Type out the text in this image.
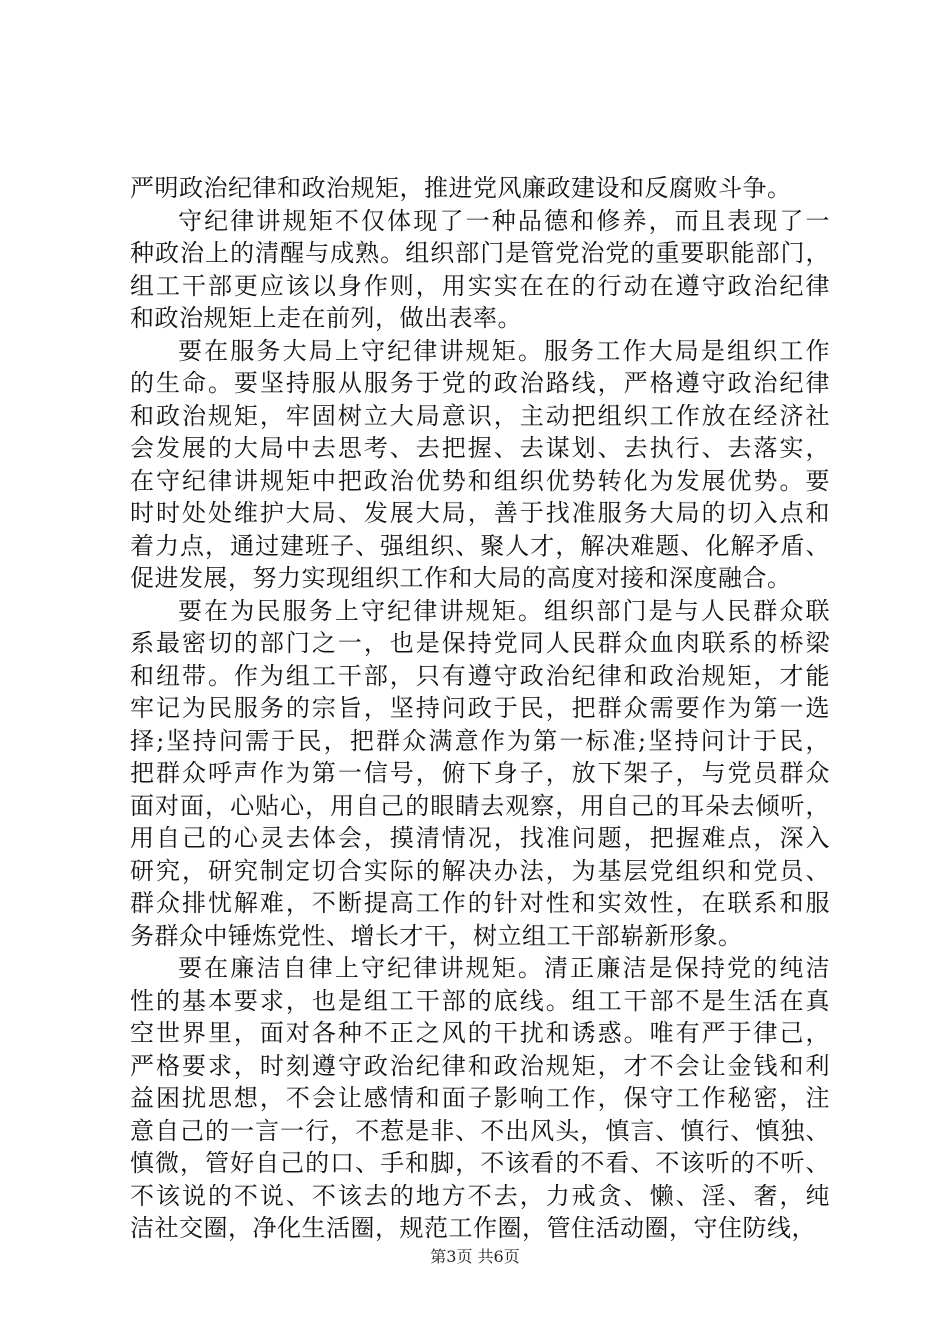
严明政治纪律和政治规矩，推进党风廉政建设和反腐败斗争。
守纪律讲规矩不仅体现了一种品德和修养，而且表现了一
种政治上的清醒与成熟。组织部门是管党治党的重要职能部门，
组工干部更应该以身作则，用实实在在的行动在遵守政治纪律
和政治规矩上走在前列，做出表率。
要在服务大局上守纪律讲规矩。服务工作大局是组织工作
的生命。要坚持服从服务于党的政治路线，严格遵守政治纪律
和政治规矩，牢固树立大局意识，主动把组织工作放在经济社
会发展的大局中去思考、去把握、去谋划、去执行、去落实，
在守纪律讲规矩中把政治优势和组织优势转化为发展优势。要
时时处处维护大局、发展大局，善于找准服务大局的切入点和
着力点，通过建班子、强组织、聚人才，解决难题、化解矛盾、
促进发展，努力实现组织工作和大局的高度对接和深度融合。
要在为民服务上守纪律讲规矩。组织部门是与人民群众联
系最密切的部门之一，也是保持党同人民群众血肉联系的桥梁
和纽带。作为组工干部，只有遵守政治纪律和政治规矩，才能
牢记为民服务的宗旨，坚持问政于民，把群众需要作为第一选
择;坚持问需于民，把群众满意作为第一标准;坚持问计于民，
把群众呼声作为第一信号，俯下身子，放下架子，与党员群众
面对面，心贴心，用自己的眼睛去观察，用自己的耳朵去倾听，
用自己的心灵去体会，摸清情况，找准问题，把握难点，深入
研究，研究制定切合实际的解决办法，为基层党组织和党员、
群众排忧解难，不断提高工作的针对性和实效性，在联系和服
务群众中锤炼党性、增长才干，树立组工干部崭新形象。
要在廉洁自律上守纪律讲规矩。清正廉洁是保持党的纯洁
性的基本要求，也是组工干部的底线。组工干部不是生活在真
空世界里，面对各种不正之风的干扰和诱惑。唯有严于律己，
严格要求，时刻遵守政治纪律和政治规矩，才不会让金钱和利
益困扰思想，不会让感情和面子影响工作，保守工作秘密，注
意自己的一言一行，不惹是非、不出风头，慎言、慎行、慎独、
慎微，管好自己的口、手和脚，不该看的不看、不该听的不听、
不该说的不说、不该去的地方不去，力戒贪、懒、淫、奢，纯
洁社交圈，净化生活圈，规范工作圈，管住活动圈，守住防线，
第3页 共6页
